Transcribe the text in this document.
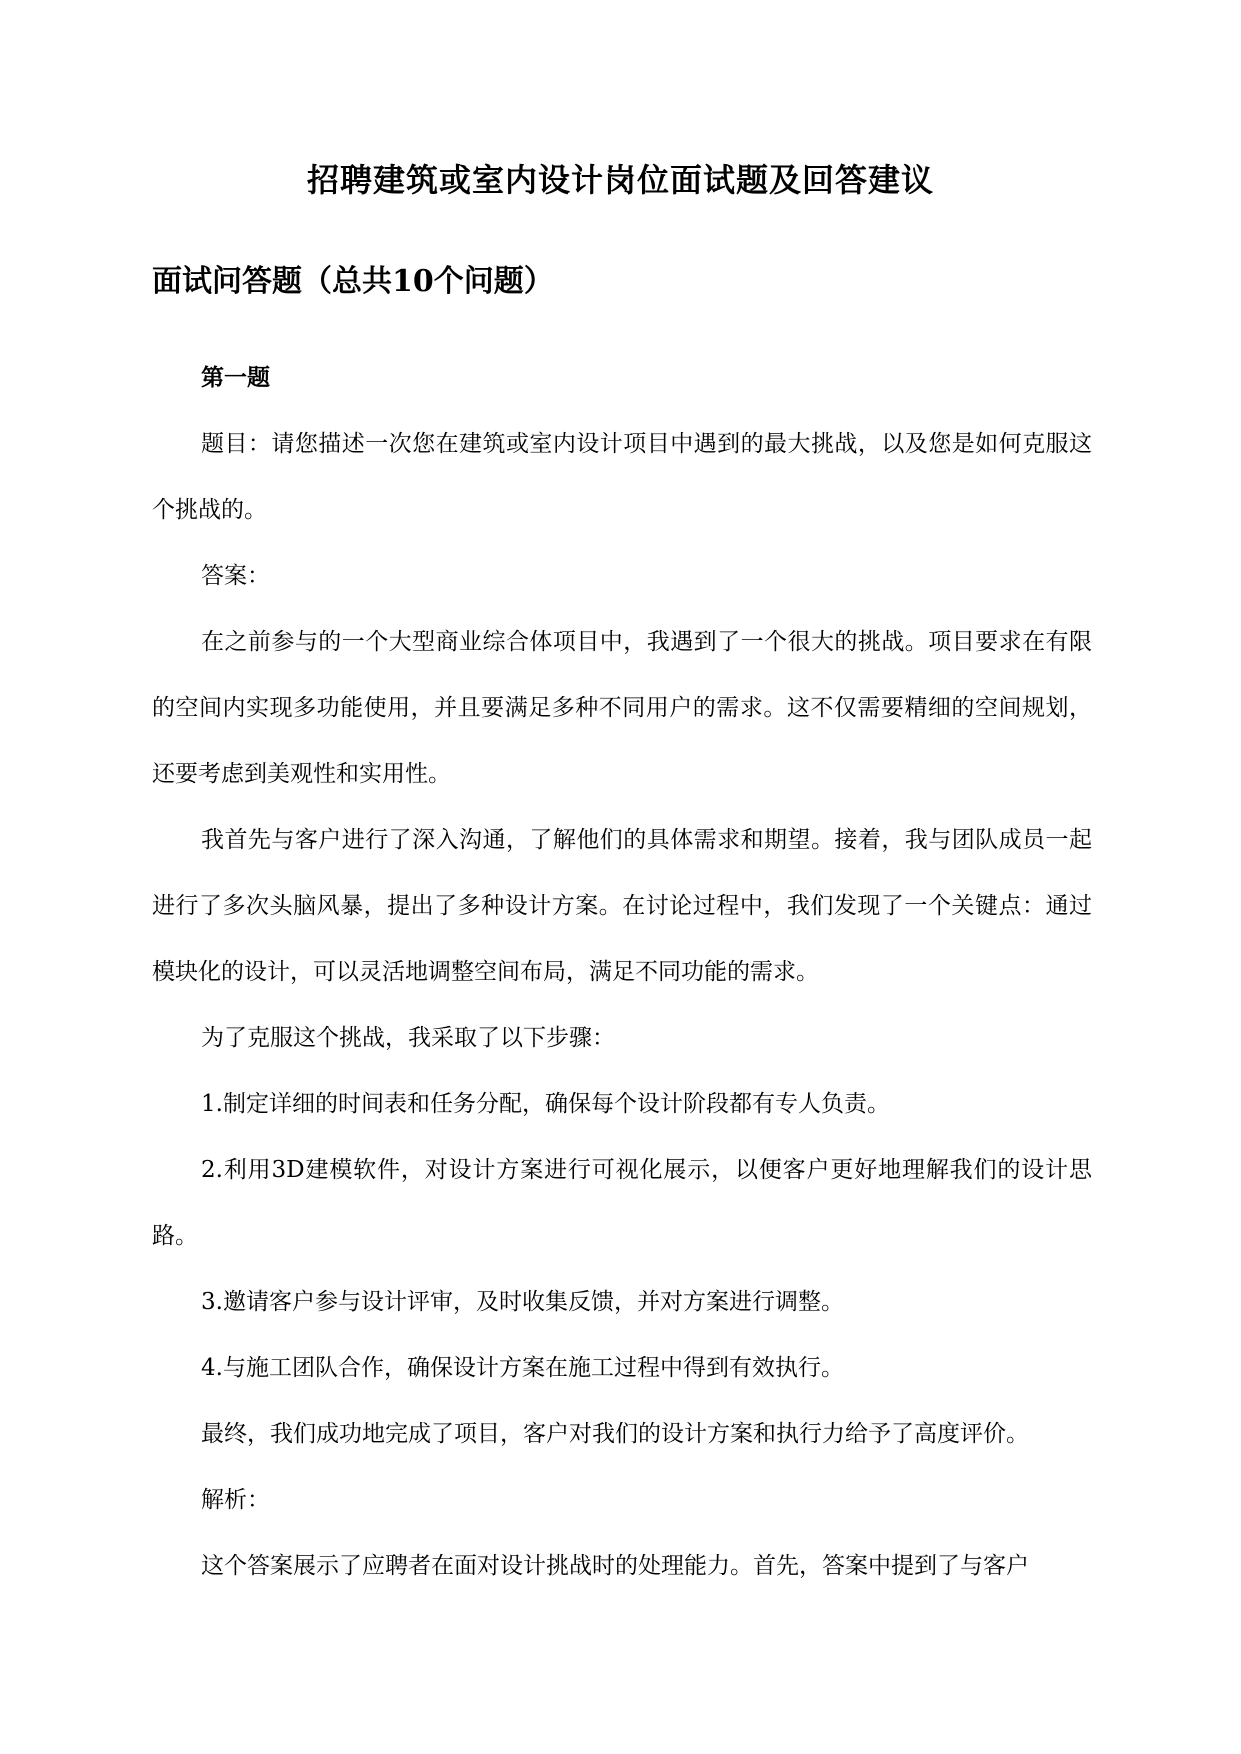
招聘建筑或室内设计岗位面试题及回答建议
面试问答题（总共10个问题）

第一题

题目：请您描述一次您在建筑或室内设计项目中遇到的最大挑战，以及您是如何克服这个挑战的。

答案：

在之前参与的一个大型商业综合体项目中，我遇到了一个很大的挑战。项目要求在有限的空间内实现多功能使用，并且要满足多种不同用户的需求。这不仅需要精细的空间规划，还要考虑到美观性和实用性。

我首先与客户进行了深入沟通，了解他们的具体需求和期望。接着，我与团队成员一起进行了多次头脑风暴，提出了多种设计方案。在讨论过程中，我们发现了一个关键点：通过模块化的设计，可以灵活地调整空间布局，满足不同功能的需求。

为了克服这个挑战，我采取了以下步骤：

1.制定详细的时间表和任务分配，确保每个设计阶段都有专人负责。

2.利用3D建模软件，对设计方案进行可视化展示，以便客户更好地理解我们的设计思路。

3.邀请客户参与设计评审，及时收集反馈，并对方案进行调整。

4.与施工团队合作，确保设计方案在施工过程中得到有效执行。

最终，我们成功地完成了项目，客户对我们的设计方案和执行力给予了高度评价。

解析：

这个答案展示了应聘者在面对设计挑战时的处理能力。首先，答案中提到了与客户
